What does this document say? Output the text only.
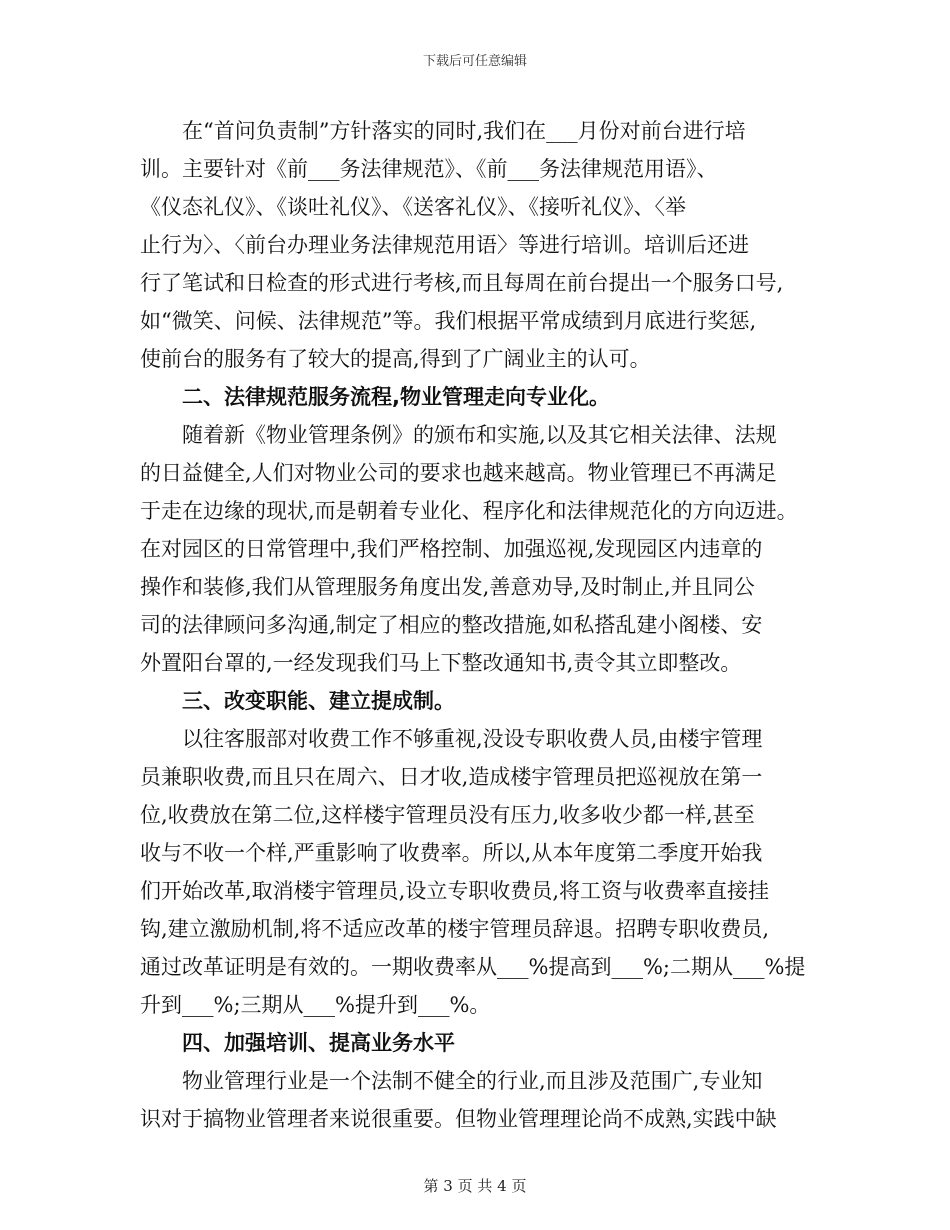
下载后可任意编辑
　　在“首问负责制”方针落实的同时,我们在___月份对前台进行培
训。主要针对《前___务法律规范》、《前___务法律规范用语》、
《仪态礼仪》、《谈吐礼仪》、《送客礼仪》、《接听礼仪》、〈举
止行为〉、〈前台办理业务法律规范用语〉等进行培训。培训后还进
行了笔试和日检查的形式进行考核,而且每周在前台提出一个服务口号,
如“微笑、问候、法律规范”等。我们根据平常成绩到月底进行奖惩,
使前台的服务有了较大的提高,得到了广阔业主的认可。
　　二、法律规范服务流程,物业管理走向专业化。
　　随着新《物业管理条例》的颁布和实施,以及其它相关法律、法规
的日益健全,人们对物业公司的要求也越来越高。物业管理已不再满足
于走在边缘的现状,而是朝着专业化、程序化和法律规范化的方向迈进。
在对园区的日常管理中,我们严格控制、加强巡视,发现园区内违章的
操作和装修,我们从管理服务角度出发,善意劝导,及时制止,并且同公
司的法律顾问多沟通,制定了相应的整改措施,如私搭乱建小阁楼、安
外置阳台罩的,一经发现我们马上下整改通知书,责令其立即整改。
　　三、改变职能、建立提成制。
　　以往客服部对收费工作不够重视,没设专职收费人员,由楼宇管理
员兼职收费,而且只在周六、日才收,造成楼宇管理员把巡视放在第一
位,收费放在第二位,这样楼宇管理员没有压力,收多收少都一样,甚至
收与不收一个样,严重影响了收费率。所以,从本年度第二季度开始我
们开始改革,取消楼宇管理员,设立专职收费员,将工资与收费率直接挂
钩,建立激励机制,将不适应改革的楼宇管理员辞退。招聘专职收费员,
通过改革证明是有效的。一期收费率从___%提高到___%;二期从___%提
升到___%;三期从___%提升到___%。
　　四、加强培训、提高业务水平
　　物业管理行业是一个法制不健全的行业,而且涉及范围广,专业知
识对于搞物业管理者来说很重要。但物业管理理论尚不成熟,实践中缺
第 3 页 共 4 页
